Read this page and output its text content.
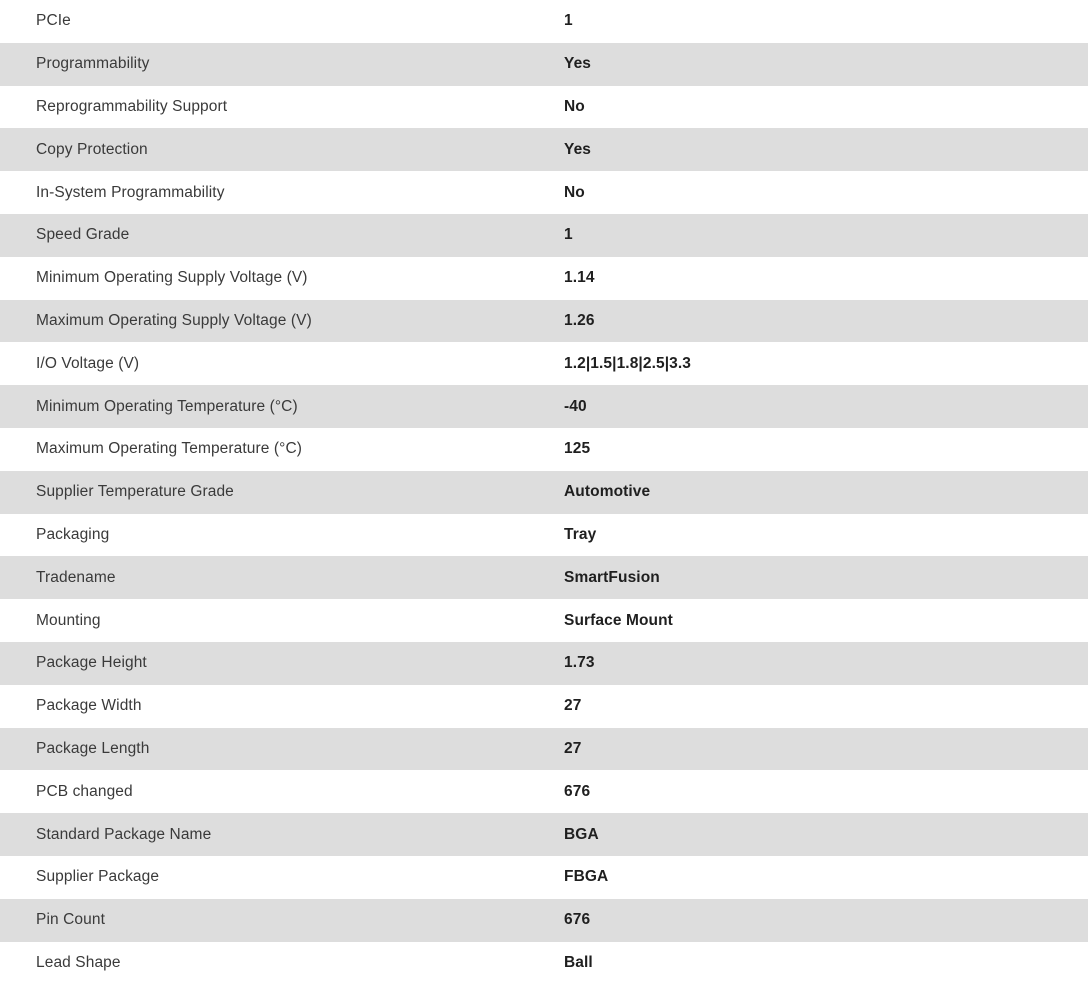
PCIe	1
Programmability	Yes
Reprogrammability Support	No
Copy Protection	Yes
In-System Programmability	No
Speed Grade	1
Minimum Operating Supply Voltage (V)	1.14
Maximum Operating Supply Voltage (V)	1.26
I/O Voltage (V)	1.2|1.5|1.8|2.5|3.3
Minimum Operating Temperature (°C)	-40
Maximum Operating Temperature (°C)	125
Supplier Temperature Grade	Automotive
Packaging	Tray
Tradename	SmartFusion
Mounting	Surface Mount
Package Height	1.73
Package Width	27
Package Length	27
PCB changed	676
Standard Package Name	BGA
Supplier Package	FBGA
Pin Count	676
Lead Shape	Ball
